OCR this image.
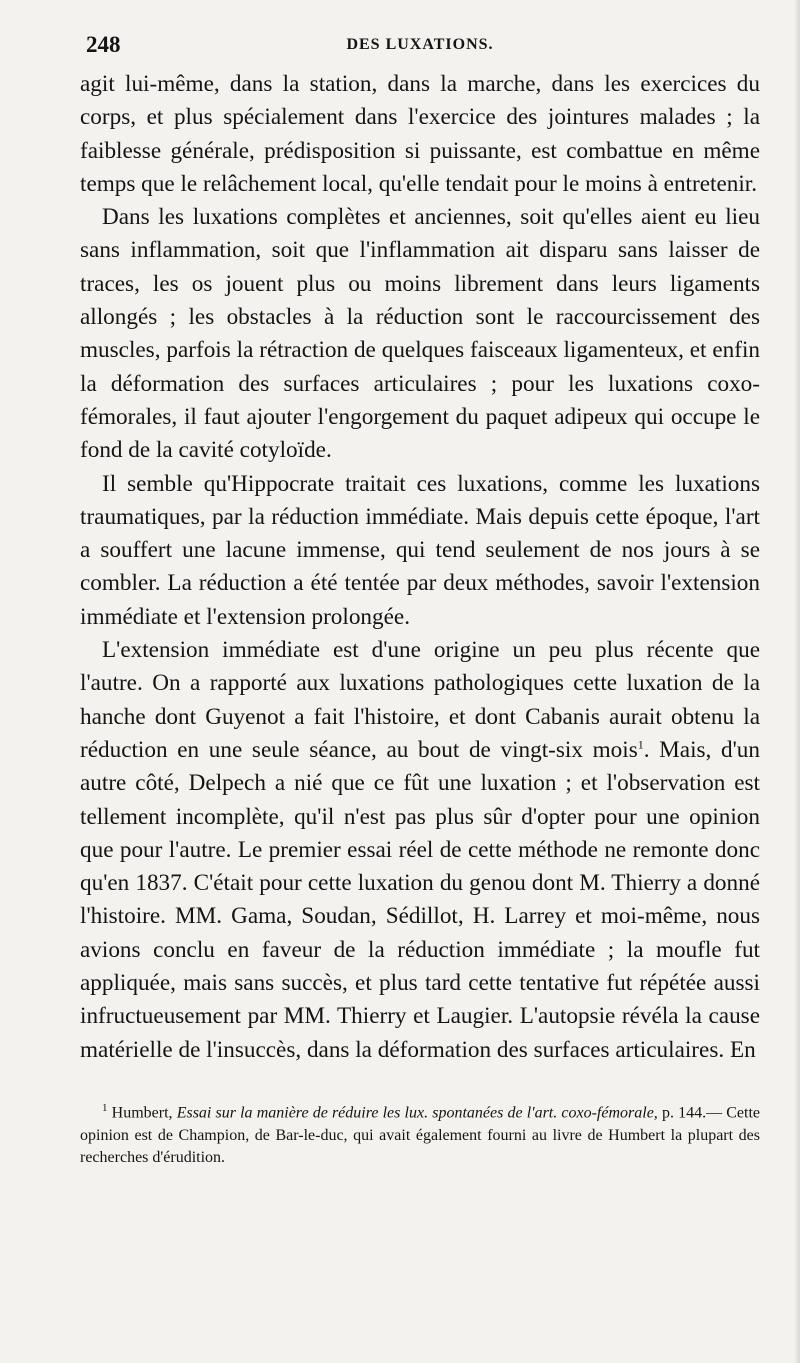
248	DES LUXATIONS.

agit lui-même, dans la station, dans la marche, dans les exercices du corps, et plus spécialement dans l'exercice des jointures malades ; la faiblesse générale, prédisposition si puissante, est combattue en même temps que le relâchement local, qu'elle tendait pour le moins à entretenir.

Dans les luxations complètes et anciennes, soit qu'elles aient eu lieu sans inflammation, soit que l'inflammation ait disparu sans laisser de traces, les os jouent plus ou moins librement dans leurs ligaments allongés ; les obstacles à la réduction sont le raccourcissement des muscles, parfois la rétraction de quelques faisceaux ligamenteux, et enfin la déformation des surfaces articulaires ; pour les luxations coxo-fémorales, il faut ajouter l'engorgement du paquet adipeux qui occupe le fond de la cavité cotyloïde.

Il semble qu'Hippocrate traitait ces luxations, comme les luxations traumatiques, par la réduction immédiate. Mais depuis cette époque, l'art a souffert une lacune immense, qui tend seulement de nos jours à se combler. La réduction a été tentée par deux méthodes, savoir l'extension immédiate et l'extension prolongée.

L'extension immédiate est d'une origine un peu plus récente que l'autre. On a rapporté aux luxations pathologiques cette luxation de la hanche dont Guyenot a fait l'histoire, et dont Cabanis aurait obtenu la réduction en une seule séance, au bout de vingt-six mois$^1$. Mais, d'un autre côté, Delpech a nié que ce fût une luxation ; et l'observation est tellement incomplète, qu'il n'est pas plus sûr d'opter pour une opinion que pour l'autre. Le premier essai réel de cette méthode ne remonte donc qu'en 1837. C'était pour cette luxation du genou dont M. Thierry a donné l'histoire. MM. Gama, Soudan, Sédillot, H. Larrey et moi-même, nous avions conclu en faveur de la réduction immédiate ; la moufle fut appliquée, mais sans succès, et plus tard cette tentative fut répétée aussi infructueusement par MM. Thierry et Laugier. L'autopsie révéla la cause matérielle de l'insuccès, dans la déformation des surfaces articulaires. En

$^1$ Humbert, Essai sur la manière de réduire les lux. spontanées de l'art. coxo-fémorale, p. 144.— Cette opinion est de Champion, de Bar-le-duc, qui avait également fourni au livre de Humbert la plupart des recherches d'érudition.
